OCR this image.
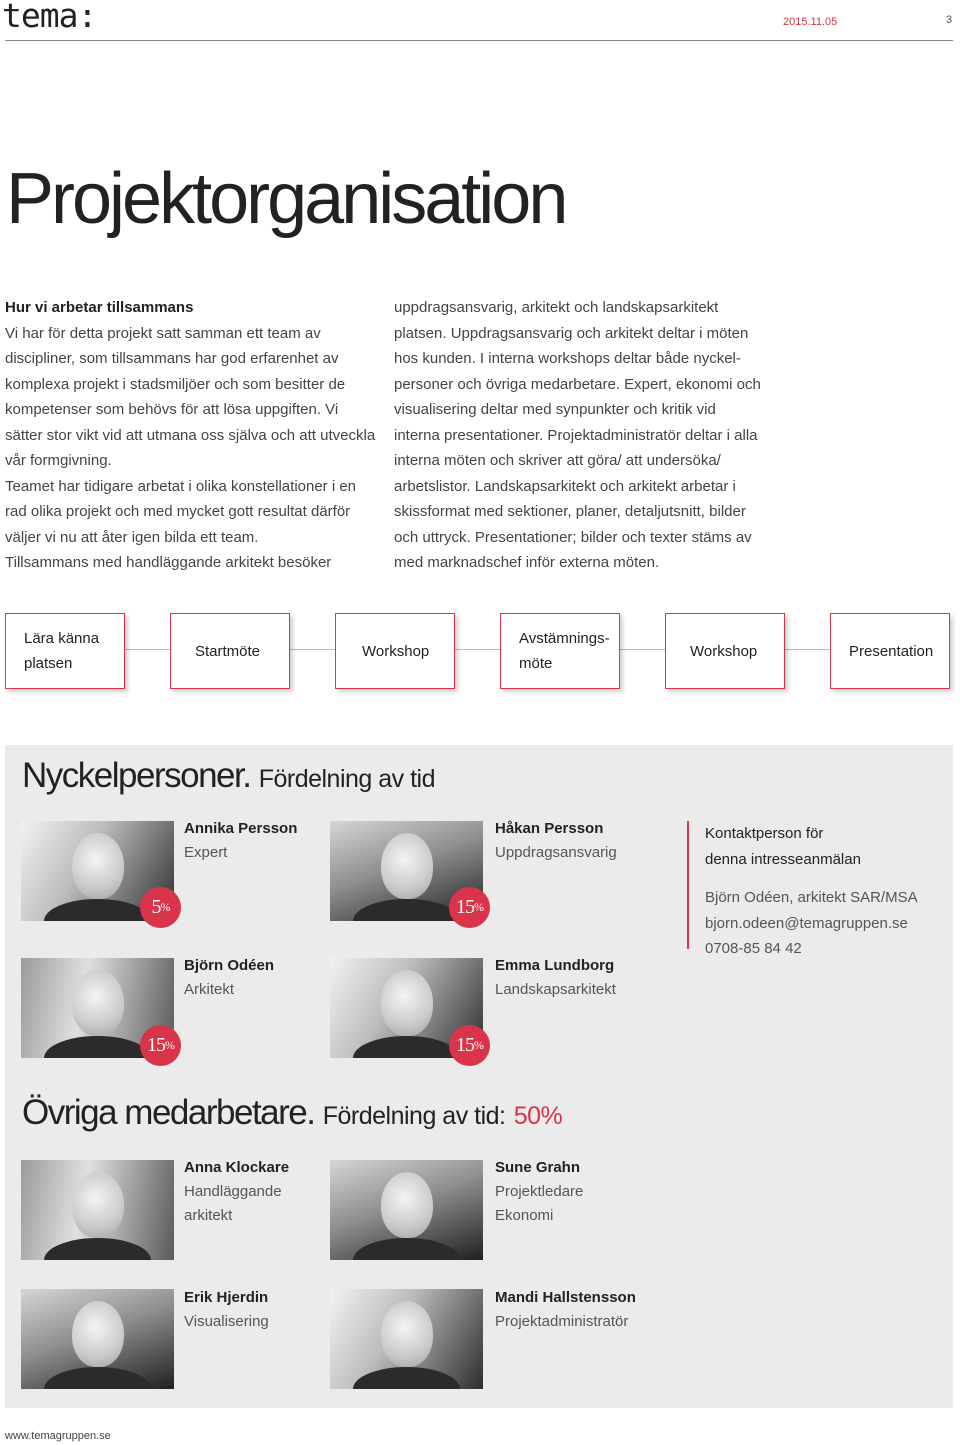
tema:	2015.11.05	3
Projektorganisation
Hur vi arbetar tillsammans

Vi har för detta projekt satt samman ett team av discipliner, som tillsammans har god erfarenhet av komplexa projekt i stadsmiljöer och som besitter de kompetenser som behövs för att lösa uppgiften. Vi sätter stor vikt vid att utmana oss själva och att utveckla vår formgivning.

Teamet har tidigare arbetat i olika konstellationer i en rad olika projekt och med mycket gott resultat därför väljer vi nu att åter igen bilda ett team.

Tillsammans med handläggande arkitekt besöker

uppdragsansvarig, arkitekt och landskapsarkitekt platsen. Uppdragsansvarig och arkitekt deltar i möten hos kunden. I interna workshops deltar både nyckel-personer och övriga medarbetare. Expert, ekonomi och visualisering deltar med synpunkter och kritik vid interna presentationer. Projektadministratör deltar i alla interna möten och skriver att göra/ att undersöka/ arbetslistor. Landskapsarkitekt och arkitekt arbetar i skissformat med sektioner, planer, detaljutsnitt, bilder och uttryck. Presentationer; bilder och texter stäms av med marknadschef inför externa möten.

Lära känna
platsen
Startmöte	Workshop
Avstämnings-
möte
Workshop	Presentation
Nyckelpersoner. Fördelning av tid
5 %
Annika Persson
Expert
15 %
Håkan Persson
Uppdragsansvarig
Kontaktperson för
denna intresseanmälan
Björn Odéen, arkitekt SAR/MSA
bjorn.odeen@temagruppen.se
0708-85 84 42
15 %
Björn Odéen
Arkitekt
15 %
Emma Lundborg
Landskapsarkitekt
Övriga medarbetare. Fördelning av tid: 50%
Anna Klockare
Handläggande
arkitekt
Sune Grahn
Projektledare
Ekonomi
Erik Hjerdin
Visualisering
Mandi Hallstensson
Projektadministratör
www.temagruppen.se
